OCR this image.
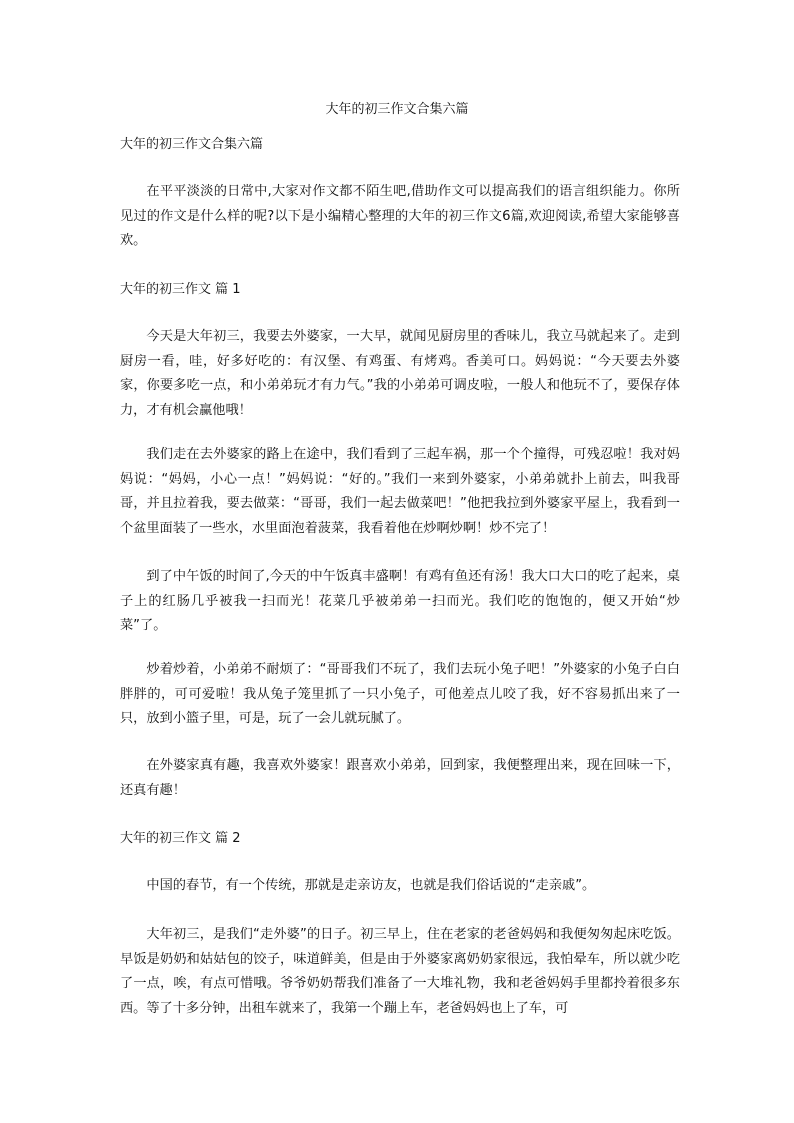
大年的初三作文合集六篇
大年的初三作文合集六篇

在平平淡淡的日常中,大家对作文都不陌生吧,借助作文可以提高我们的语言组织能力。你所见过的作文是什么样的呢?以下是小编精心整理的大年的初三作文6篇,欢迎阅读,希望大家能够喜欢。

大年的初三作文 篇 1

今天是大年初三，我要去外婆家，一大早，就闻见厨房里的香味儿，我立马就起来了。走到厨房一看，哇，好多好吃的：有汉堡、有鸡蛋、有烤鸡。香美可口。妈妈说：“今天要去外婆家，你要多吃一点，和小弟弟玩才有力气。”我的小弟弟可调皮啦，一般人和他玩不了，要保存体力，才有机会赢他哦！

我们走在去外婆家的路上在途中，我们看到了三起车祸，那一个个撞得，可残忍啦！我对妈妈说：“妈妈，小心一点！”妈妈说：“好的。”我们一来到外婆家，小弟弟就扑上前去，叫我哥哥，并且拉着我，要去做菜：“哥哥，我们一起去做菜吧！”他把我拉到外婆家平屋上，我看到一个盆里面装了一些水，水里面泡着菠菜，我看着他在炒啊炒啊！炒不完了！

到了中午饭的时间了,今天的中午饭真丰盛啊！有鸡有鱼还有汤！我大口大口的吃了起来，桌子上的红肠几乎被我一扫而光！花菜几乎被弟弟一扫而光。我们吃的饱饱的，便又开始“炒菜”了。

炒着炒着，小弟弟不耐烦了：“哥哥我们不玩了，我们去玩小兔子吧！”外婆家的小兔子白白胖胖的，可可爱啦！我从兔子笼里抓了一只小兔子，可他差点儿咬了我，好不容易抓出来了一只，放到小篮子里，可是，玩了一会儿就玩腻了。

在外婆家真有趣，我喜欢外婆家！跟喜欢小弟弟，回到家，我便整理出来，现在回味一下，还真有趣！

大年的初三作文 篇 2

中国的春节，有一个传统，那就是走亲访友，也就是我们俗话说的“走亲戚”。

大年初三，是我们“走外婆”的日子。初三早上，住在老家的老爸妈妈和我便匆匆起床吃饭。早饭是奶奶和姑姑包的饺子，味道鲜美，但是由于外婆家离奶奶家很远，我怕晕车，所以就少吃了一点，唉，有点可惜哦。爷爷奶奶帮我们准备了一大堆礼物，我和老爸妈妈手里都拎着很多东西。等了十多分钟，出租车就来了，我第一个蹦上车，老爸妈妈也上了车，可
